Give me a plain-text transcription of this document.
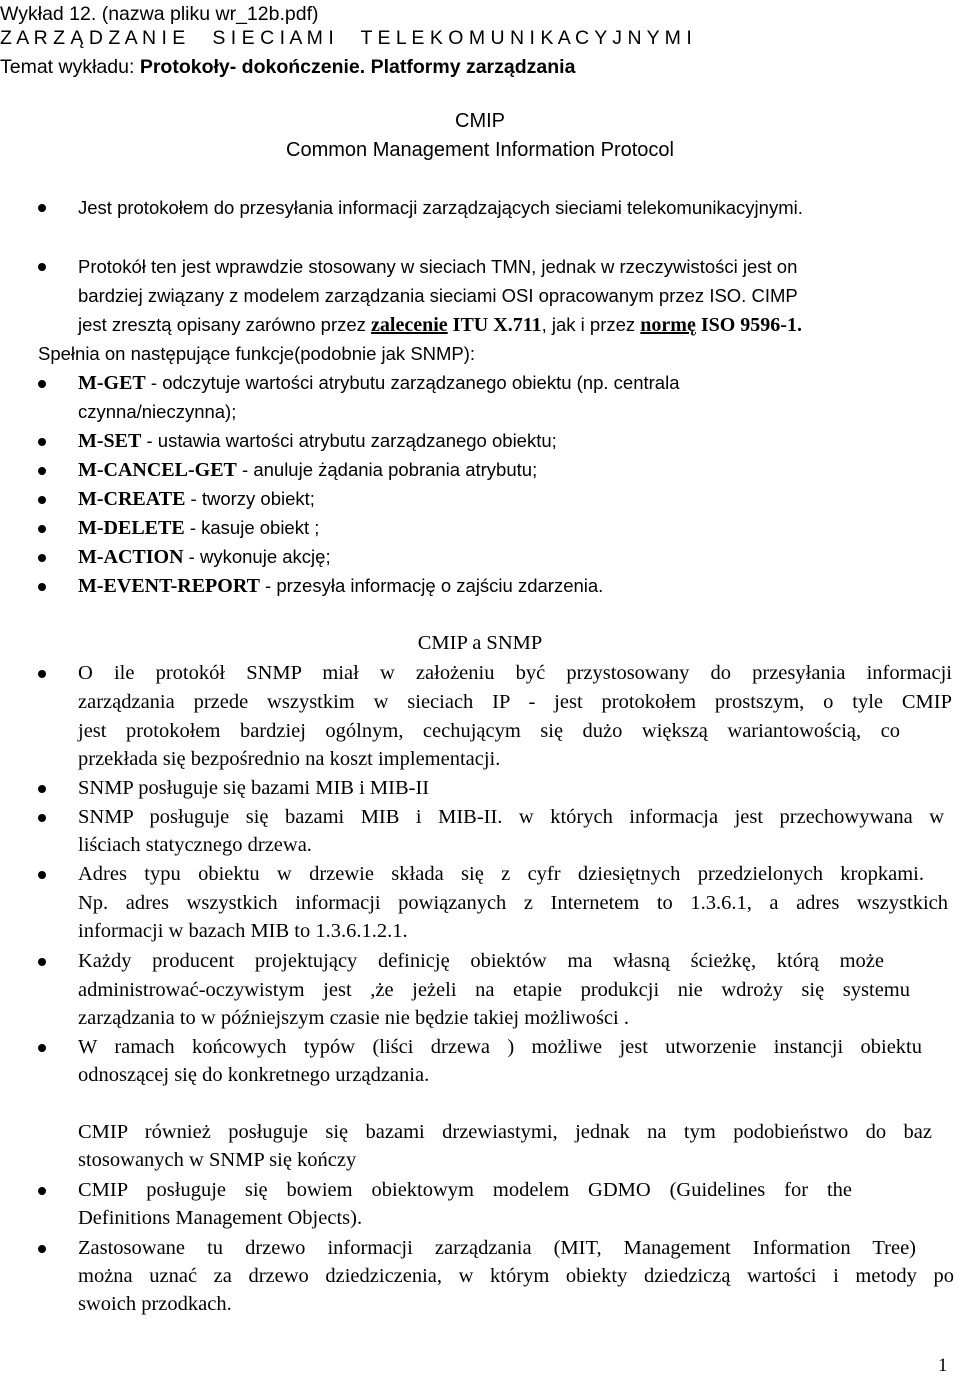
Wykład 12. (nazwa pliku wr_12b.pdf)
Z A R Z Ą D Z A N I E     S I E C I A M I     T E L E K O M U N I K A C Y J N Y M I
Temat wykładu: Protokoły- dokończenie. Platformy zarządzania
CMIP
Common Management Information Protocol
Jest protokołem do przesyłania informacji zarządzających sieciami telekomunikacyjnymi.
Protokół ten jest wprawdzie stosowany w sieciach TMN, jednak w rzeczywistości jest on
bardziej związany z modelem zarządzania sieciami OSI opracowanym przez ISO. CIMP
jest zresztą opisany zarówno przez zalecenie ITU X.711, jak i przez normę ISO 9596-1.
Spełnia on następujące funkcje(podobnie jak SNMP):
M-GET - odczytuje wartości atrybutu zarządzanego obiektu (np. centrala
czynna/nieczynna);
M-SET - ustawia wartości atrybutu zarządzanego obiektu;
M-CANCEL-GET - anuluje żądania pobrania atrybutu;
M-CREATE - tworzy obiekt;
M-DELETE - kasuje obiekt ;
M-ACTION - wykonuje akcję;
M-EVENT-REPORT - przesyła informację o zajściu zdarzenia.
CMIP a SNMP
O ile protokół SNMP miał w założeniu być przystosowany do przesyłania informacji
zarządzania przede wszystkim w sieciach IP - jest protokołem prostszym, o tyle CMIP
jest protokołem bardziej ogólnym, cechującym się dużo większą wariantowością, co
przekłada się bezpośrednio na koszt implementacji.
SNMP posługuje się bazami MIB i MIB-II
SNMP posługuje się bazami MIB i MIB-II. w których informacja jest przechowywana w
liściach statycznego drzewa.
Adres typu obiektu w drzewie składa się z cyfr dziesiętnych przedzielonych kropkami.
Np. adres wszystkich informacji powiązanych z Internetem to 1.3.6.1, a adres wszystkich
informacji w bazach MIB to 1.3.6.1.2.1.
Każdy producent projektujący definicję obiektów ma własną ścieżkę, którą może
administrować-oczywistym jest ,że jeżeli na etapie produkcji nie wdroży się systemu
zarządzania to w późniejszym czasie nie będzie takiej możliwości .
W ramach końcowych typów (liści drzewa ) możliwe jest utworzenie instancji obiektu
odnoszącej się do konkretnego urządzania.
CMIP również posługuje się bazami drzewiastymi, jednak na tym podobieństwo do baz
stosowanych w SNMP się kończy
CMIP posługuje się bowiem obiektowym modelem GDMO (Guidelines for the
Definitions Management Objects).
Zastosowane tu drzewo informacji zarządzania (MIT, Management Information Tree)
można uznać za drzewo dziedziczenia, w którym obiekty dziedziczą wartości i metody po
swoich przodkach.
1
